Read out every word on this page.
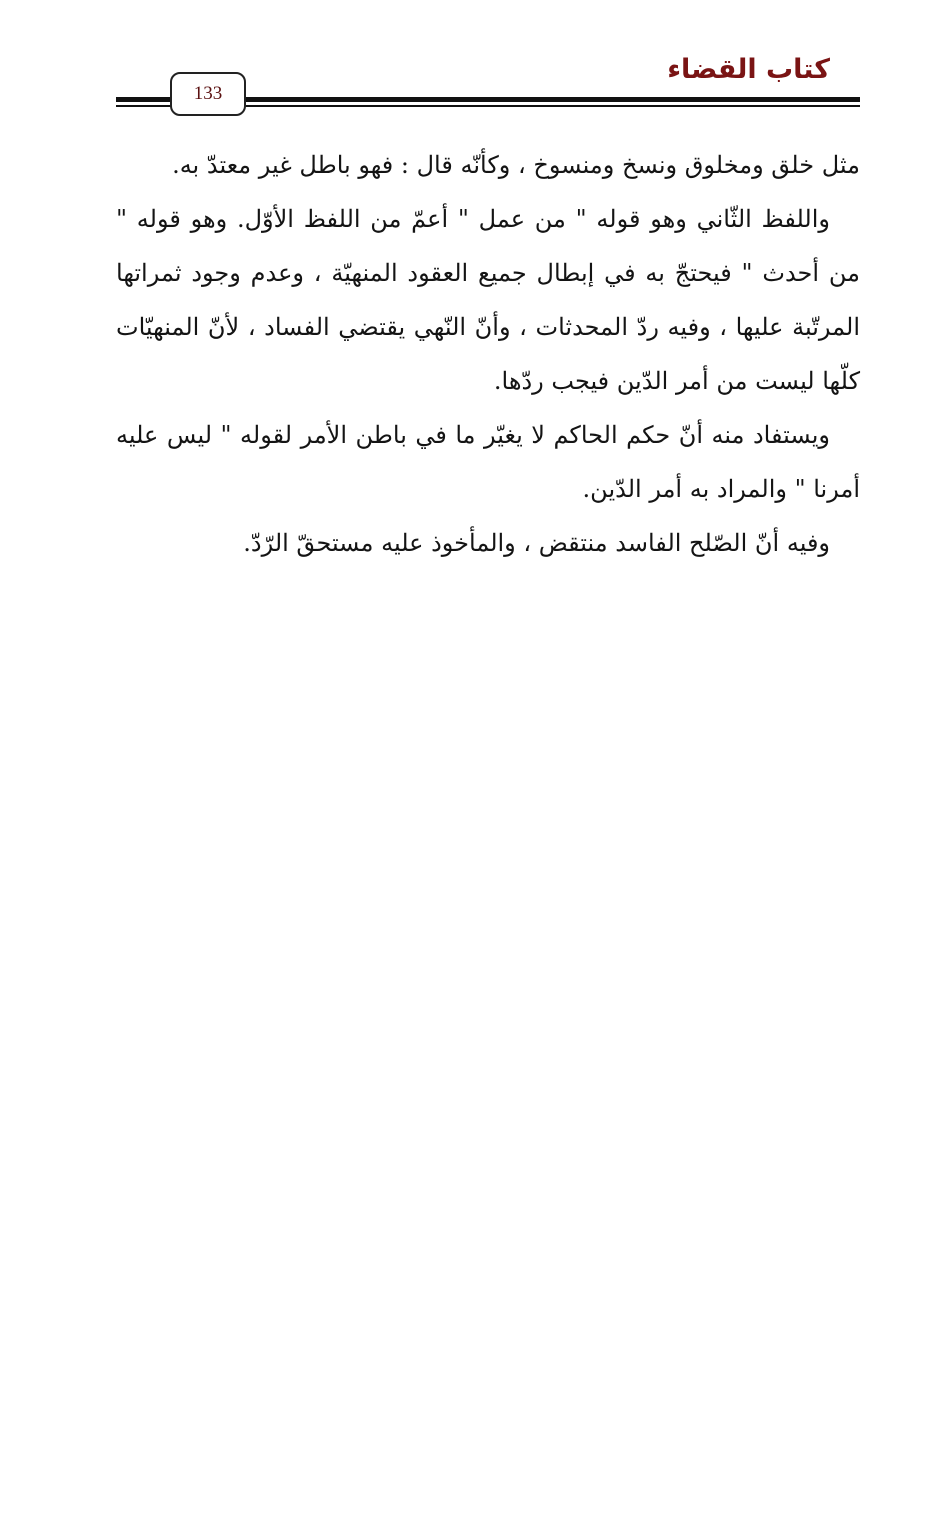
كتاب القضاء
133

مثل خلق ومخلوق ونسخ ومنسوخ ، وكأنّه قال : فهو باطل غير معتدّ به.

واللفظ الثّاني وهو قوله " من عمل " أعمّ من اللفظ الأوّل. وهو قوله " من أحدث " فيحتجّ به في إبطال جميع العقود المنهيّة ، وعدم وجود ثمراتها المرتّبة عليها ، وفيه ردّ المحدثات ، وأنّ النّهي يقتضي الفساد ، لأنّ المنهيّات كلّها ليست من أمر الدّين فيجب ردّها.

ويستفاد منه أنّ حكم الحاكم لا يغيّر ما في باطن الأمر لقوله " ليس عليه أمرنا " والمراد به أمر الدّين.

وفيه أنّ الصّلح الفاسد منتقض ، والمأخوذ عليه مستحقّ الرّدّ.
